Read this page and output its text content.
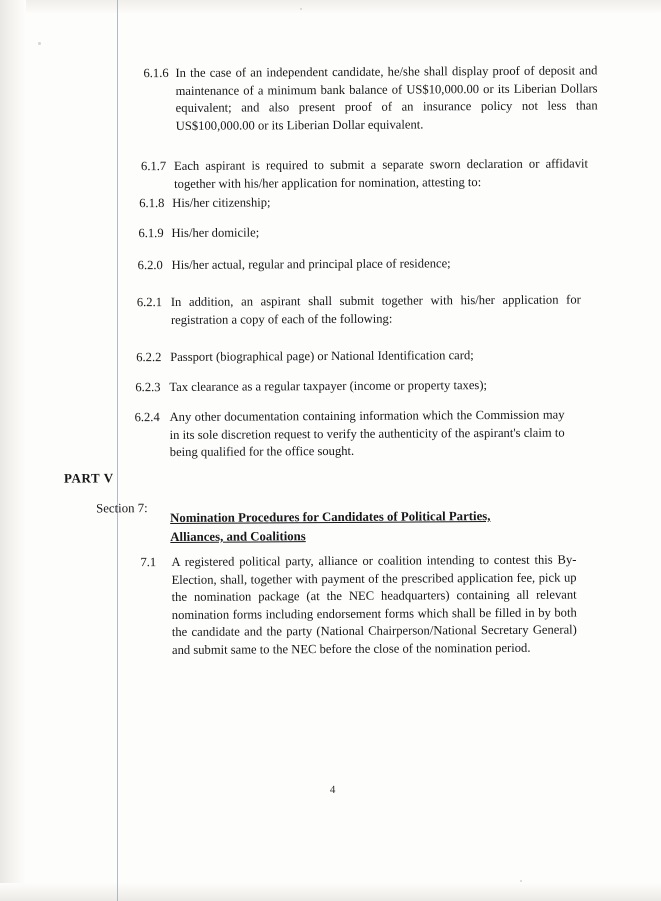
6.1.6 In the case of an independent candidate, he/she shall display proof of deposit and maintenance of a minimum bank balance of US$10,000.00 or its Liberian Dollars equivalent; and also present proof of an insurance policy not less than US$100,000.00 or its Liberian Dollar equivalent.
6.1.7 Each aspirant is required to submit a separate sworn declaration or affidavit together with his/her application for nomination, attesting to:
6.1.8 His/her citizenship;
6.1.9 His/her domicile;
6.2.0 His/her actual, regular and principal place of residence;
6.2.1 In addition, an aspirant shall submit together with his/her application for registration a copy of each of the following:
6.2.2 Passport (biographical page) or National Identification card;
6.2.3 Tax clearance as a regular taxpayer (income or property taxes);
6.2.4 Any other documentation containing information which the Commission may in its sole discretion request to verify the authenticity of the aspirant's claim to being qualified for the office sought.
PART V
Section 7:
Nomination Procedures for Candidates of Political Parties, Alliances, and Coalitions
7.1 A registered political party, alliance or coalition intending to contest this By-Election, shall, together with payment of the prescribed application fee, pick up the nomination package (at the NEC headquarters) containing all relevant nomination forms including endorsement forms which shall be filled in by both the candidate and the party (National Chairperson/National Secretary General) and submit same to the NEC before the close of the nomination period.
4
